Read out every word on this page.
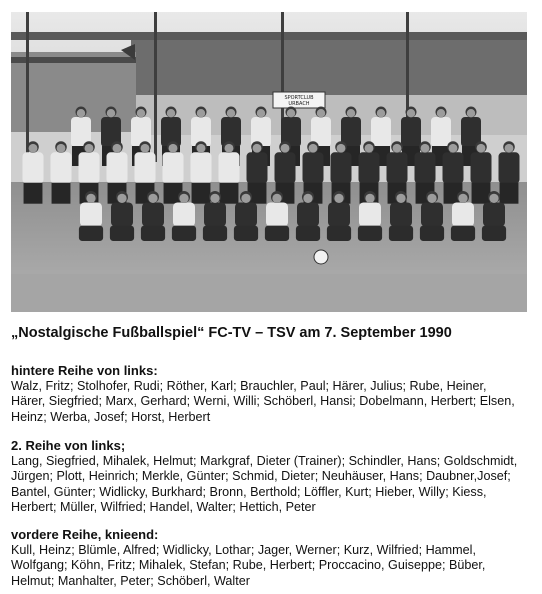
SPORTCLUB
URBACH
„Nostalgische Fußballspiel“ FC-TV – TSV am 7. September 1990
hintere Reihe von links:
Walz, Fritz; Stolhofer, Rudi; Röther, Karl; Brauchler, Paul; Härer, Julius; Rube, Heiner,
Härer, Siegfried; Marx, Gerhard; Werni, Willi; Schöberl, Hansi; Dobelmann, Herbert; Elsen,
Heinz; Werba, Josef; Horst, Herbert
2. Reihe von links;
Lang, Siegfried, Mihalek, Helmut; Markgraf, Dieter (Trainer); Schindler, Hans; Goldschmidt,
Jürgen; Plott, Heinrich; Merkle, Günter; Schmid, Dieter; Neuhäuser, Hans; Daubner,Josef;
Bantel, Günter; Widlicky, Burkhard; Bronn, Berthold; Löffler, Kurt; Hieber, Willy; Kiess,
Herbert; Müller, Wilfried; Handel, Walter; Hettich, Peter
vordere Reihe, knieend:
Kull, Heinz; Blümle, Alfred; Widlicky, Lothar; Jager, Werner; Kurz, Wilfried; Hammel,
Wolfgang; Köhn, Fritz; Mihalek, Stefan; Rube, Herbert; Proccacino, Guiseppe; Büber,
Helmut; Manhalter, Peter; Schöberl, Walter
